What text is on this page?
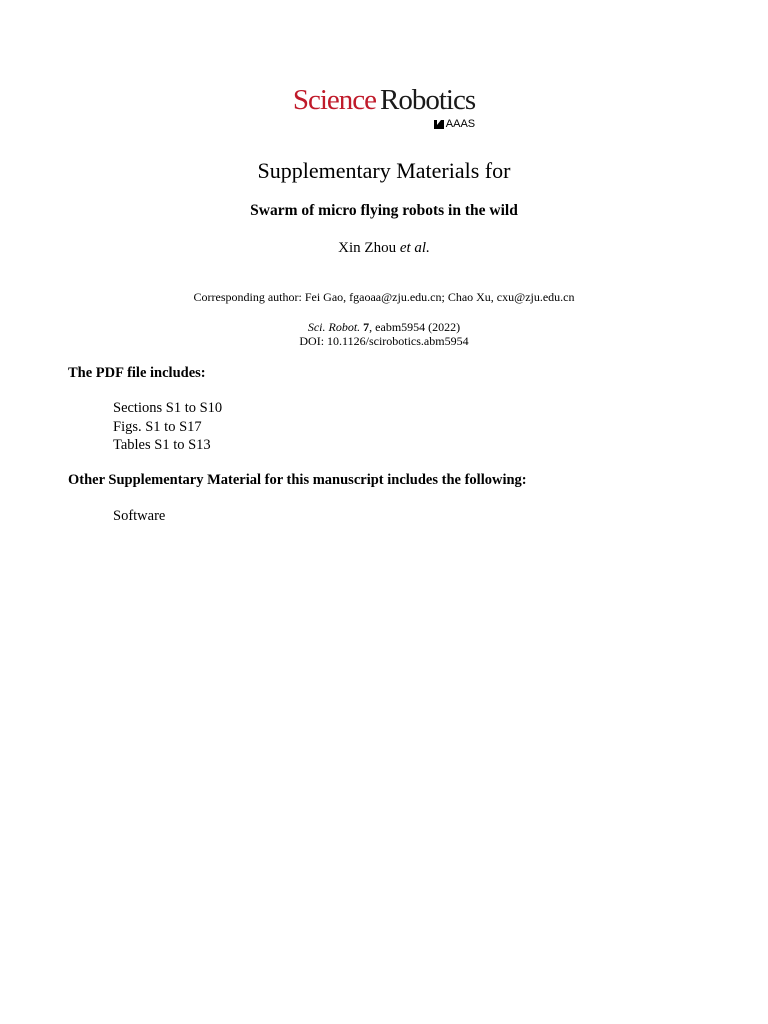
Science Robotics
AAAS
Supplementary Materials for
Swarm of micro flying robots in the wild
Xin Zhou et al.
Corresponding author: Fei Gao, fgaoaa@zju.edu.cn; Chao Xu, cxu@zju.edu.cn
Sci. Robot. 7, eabm5954 (2022)
DOI: 10.1126/scirobotics.abm5954
The PDF file includes:
Sections S1 to S10
Figs. S1 to S17
Tables S1 to S13
Other Supplementary Material for this manuscript includes the following:
Software
